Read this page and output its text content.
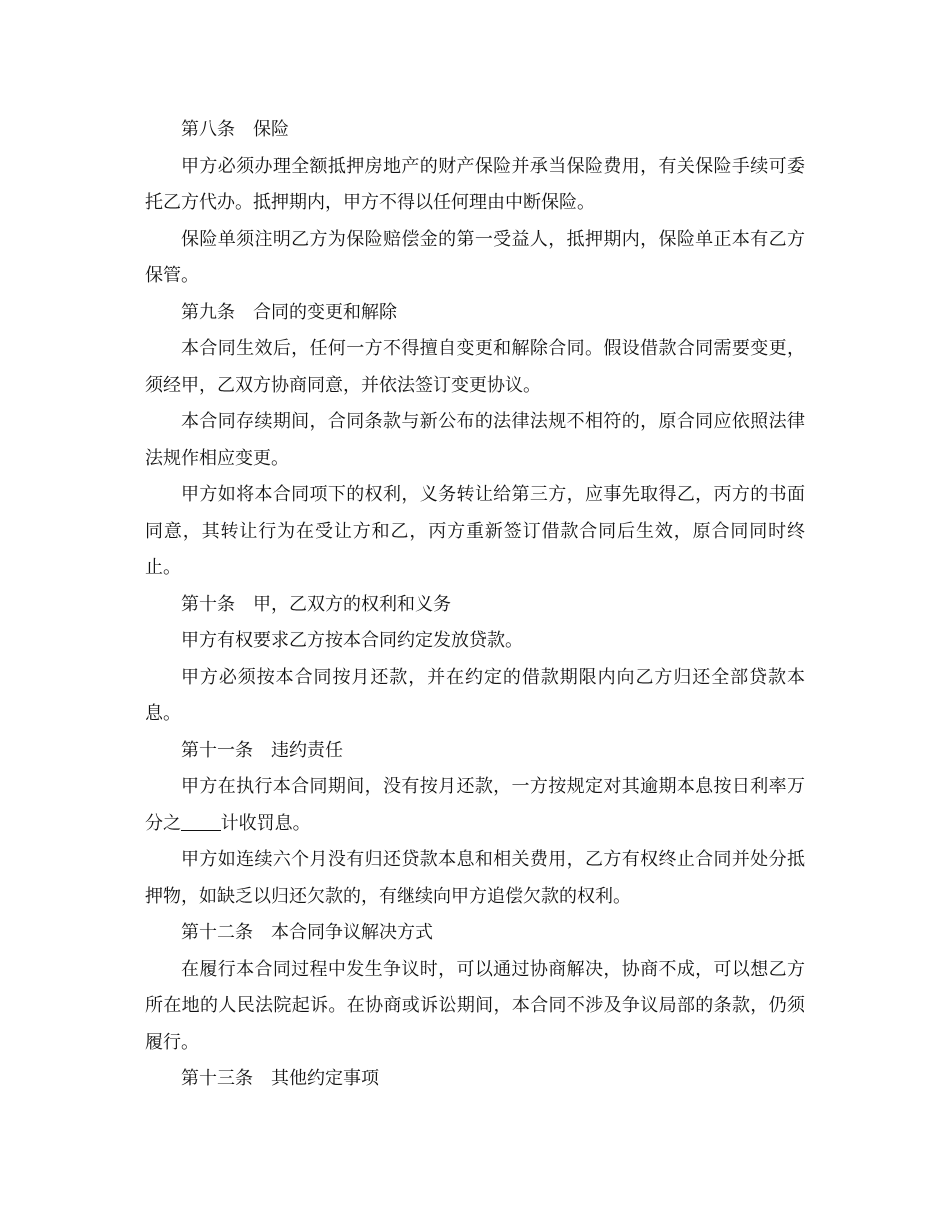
第八条 保险

甲方必须办理全额抵押房地产的财产保险并承当保险费用，有关保险手续可委托乙方代办。抵押期内，甲方不得以任何理由中断保险。

保险单须注明乙方为保险赔偿金的第一受益人，抵押期内，保险单正本有乙方保管。

第九条 合同的变更和解除

本合同生效后，任何一方不得擅自变更和解除合同。假设借款合同需要变更，须经甲，乙双方协商同意，并依法签订变更协议。

本合同存续期间，合同条款与新公布的法律法规不相符的，原合同应依照法律法规作相应变更。

甲方如将本合同项下的权利，义务转让给第三方，应事先取得乙，丙方的书面同意，其转让行为在受让方和乙，丙方重新签订借款合同后生效，原合同同时终止。

第十条 甲，乙双方的权利和义务

甲方有权要求乙方按本合同约定发放贷款。

甲方必须按本合同按月还款，并在约定的借款期限内向乙方归还全部贷款本息。

第十一条 违约责任

甲方在执行本合同期间，没有按月还款，一方按规定对其逾期本息按日利率万分之 计收罚息。

甲方如连续六个月没有归还贷款本息和相关费用，乙方有权终止合同并处分抵押物，如缺乏以归还欠款的，有继续向甲方追偿欠款的权利。

第十二条 本合同争议解决方式

在履行本合同过程中发生争议时，可以通过协商解决，协商不成，可以想乙方所在地的人民法院起诉。在协商或诉讼期间，本合同不涉及争议局部的条款，仍须履行。

第十三条 其他约定事项
